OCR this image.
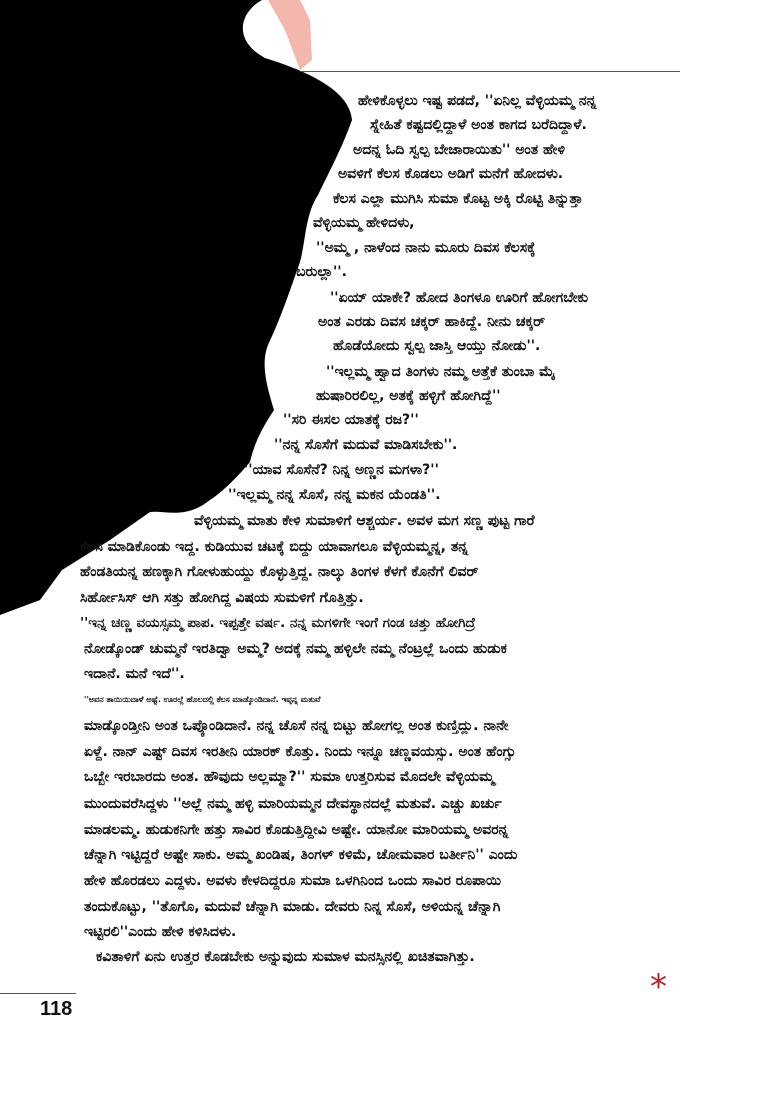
ಹೇಳಿಕೊಳ್ಳಲು ಇಷ್ಟ ಪಡದೆ, ''ಏನಿಲ್ಲ ವೆಳ್ಳಿಯಮ್ಮ ನನ್ನ
ಸ್ನೇಹಿತೆ ಕಷ್ಟದಲ್ಲಿದ್ದಾಳೆ ಅಂತ ಕಾಗದ ಬರೆದಿದ್ದಾಳೆ.
ಅದನ್ನ ಓದಿ ಸ್ವಲ್ಪ ಬೇಜಾರಾಯಿತು'' ಅಂತ ಹೇಳಿ
ಅವಳಿಗೆ ಕೆಲಸ ಕೊಡಲು ಅಡಿಗೆ ಮನೆಗೆ ಹೋದಳು.
ಕೆಲಸ ಎಲ್ಲಾ ಮುಗಿಸಿ ಸುಮಾ ಕೊಟ್ಟ ಅಕ್ಕಿ ರೊಟ್ಟಿ ತಿನ್ನುತ್ತಾ
ವೆಳ್ಳಿಯಮ್ಮ ಹೇಳಿದಳು,
''ಅಮ್ಮ , ನಾಳೆಂದ ನಾನು ಮೂರು ದಿವಸ ಕೆಲಸಕ್ಕೆ
ಬರುಲ್ಲಾ''.
''ಏಯ್ ಯಾಕೇ? ಹೋದ ತಿಂಗಳೂ ಊರಿಗೆ ಹೋಗಬೇಕು
ಅಂತ ಎರಡು ದಿವಸ ಚಕ್ಕರ್ ಹಾಕಿದ್ದೆ. ನೀನು ಚಕ್ಕರ್
ಹೊಡೆಯೋದು ಸ್ವಲ್ಪ ಜಾಸ್ತಿ ಆಯ್ತು ನೋಡು''.
''ಇಲ್ಲಮ್ಮ ಹ್ವಾದ ತಿಂಗಳು ನಮ್ಮ ಅತ್ತೆಕೆ ತುಂಬಾ ಮೈ
ಹುಷಾರಿರಲಿಲ್ಲ, ಅತಕ್ಕೆ ಹಳ್ಳಿಗೆ ಹೋಗಿದ್ದೆ''
''ಸರಿ ಈಸಲ ಯಾತಕ್ಕೆ ರಜ?''
''ನನ್ನ ಸೊಸೆಗೆ ಮದುವೆ ಮಾಡಿಸಬೇಕು''.
''ಯಾವ ಸೊಸೆನೆ? ನಿನ್ನ ಅಣ್ಣನ ಮಗಳಾ?''
''ಇಲ್ಲಮ್ಮ ನನ್ನ ಸೊಸೆ, ನನ್ನ ಮಕನ ಯೆಂಡತಿ''.
ವೆಳ್ಳಿಯಮ್ಮ ಮಾತು ಕೇಳಿ ಸುಮಾಳಿಗೆ ಆಶ್ಚರ್ಯ. ಅವಳ ಮಗ ಸಣ್ಣ ಪುಟ್ಟ ಗಾರೆ
ಕೆಲಸ ಮಾಡಿಕೊಂಡು ಇದ್ದ. ಕುಡಿಯುವ ಚಟಕ್ಕೆ ಬಿದ್ದು ಯಾವಾಗಲೂ ವೆಳ್ಳಿಯಮ್ಮನ್ನ, ತನ್ನ
ಹೆಂಡತಿಯನ್ನ ಹಣಕ್ಕಾಗಿ ಗೋಳುಹುಯ್ದು ಕೊಳ್ಳುತ್ತಿದ್ದ. ನಾಲ್ಕು ತಿಂಗಳ ಕೆಳಗೆ ಕೊನೆಗೆ ಲಿವರ್
ಸಿರ್ಹೋಸಿಸ್ ಆಗಿ ಸತ್ತು ಹೋಗಿದ್ದ ವಿಷಯ ಸುಮಳಿಗೆ ಗೊತ್ತಿತ್ತು.
''ಇನ್ನ ಚಣ್ಣ ವಯಸ್ಸಮ್ಮ ಪಾಪ. ಇಪ್ಪತ್ತೇ ವರ್ಷ. ನನ್ನ ಮಗಳಿಗೇ ಇಂಗೆ ಗಂಡ ಚತ್ತು ಹೋಗಿದ್ರೆ
ನೋಡ್ಕೊಂಡ್ ಚುಮ್ಮನೆ ಇರತಿದ್ವಾ ಅಮ್ಮ? ಅದಕ್ಕೆ ನಮ್ಮ ಹಳ್ಳಿಲೇ ನಮ್ಮ ನೆಂಟ್ರಲ್ಲೆ ಒಂದು ಹುಡುಕ
ಇದಾನೆ. ಮನೆ ಇದೆ''.
''ಅವನ ತಾಯಿಯಿದಾಳೆ ಅಷ್ಟೆ. ಊರಲ್ಲೆ ಹೊಲದಲ್ಲಿ ಕೆಲಸ ಮಾಡ್ಕೊಂಡಿದಾನೆ. ಇವ್ಳನ್ನ ಮತುವೆ
ಮಾಡ್ಕೊಂಡ್ತೀನಿ ಅಂತ ಒಪ್ಕೊಂಡಿದಾನೆ. ನನ್ನ ಚೊಸೆ ನನ್ನ ಬಿಟ್ಟು ಹೋಗಲ್ಲ ಅಂತ ಕುಣ್ತಿದ್ಲು. ನಾನೇ
ಏಳ್ದೆ. ನಾನ್ ಎಷ್ಟ್ ದಿವಸ ಇರತೀನಿ ಯಾರಕ್ ಕೊತ್ತು. ನಿಂದು ಇನ್ನೂ ಚಣ್ಣವಯಸ್ಸು. ಅಂತ ಹೆಂಗ್ಸು
ಒಬ್ಬೇ ಇರಬಾರದು ಅಂತ. ಹೌವುದು ಅಲ್ಲಮ್ಮಾ?'' ಸುಮಾ ಉತ್ತರಿಸುವ ಮೊದಲೇ ವೆಳ್ಳಿಯಮ್ಮ
ಮುಂದುವರೆಸಿದ್ದಳು ''ಅಲ್ಲೆ ನಮ್ಮ ಹಳ್ಳಿ ಮಾರಿಯಮ್ಮನ ದೇವಸ್ಥಾನದಲ್ಲೆ ಮತುವೆ. ಎಚ್ಚು ಖರ್ಚು
ಮಾಡಲಮ್ಮ. ಹುಡುಕನಿಗೇ ಹತ್ತು ಸಾವಿರ ಕೊಡುತ್ತಿದ್ದೀವಿ ಅಷ್ಟೇ. ಯಾನೋ ಮಾರಿಯಮ್ಮ ಅವರನ್ನ
ಚೆನ್ನಾಗಿ ಇಟ್ಟಿದ್ದರೆ ಅಷ್ಟೇ ಸಾಕು. ಅಮ್ಮ ಖಂಡಿಷ, ತಿಂಗಳ್ ಕಳಿಮೆ, ಚೋಮವಾರ ಬರ್ತೀನಿ'' ಎಂದು
ಹೇಳಿ ಹೊರಡಲು ಎದ್ದಳು. ಅವಳು ಕೇಳದಿದ್ದರೂ ಸುಮಾ ಒಳಗಿನಿಂದ ಒಂದು ಸಾವಿರ ರೂಪಾಯಿ
ತಂದುಕೊಟ್ಟು, ''ತೊಗೊ, ಮದುವೆ ಚೆನ್ನಾಗಿ ಮಾಡು. ದೇವರು ನಿನ್ನ ಸೊಸೆ, ಅಳಿಯನ್ನ ಚೆನ್ನಾಗಿ
ಇಟ್ಟಿರಲಿ''ಎಂದು ಹೇಳಿ ಕಳಿಸಿದಳು.
ಕವಿತಾಳಿಗೆ ಏನು ಉತ್ತರ ಕೊಡಬೇಕು ಅನ್ನುವುದು ಸುಮಾಳ ಮನಸ್ಸಿನಲ್ಲಿ ಖಚಿತವಾಗಿತ್ತು.
*
118
